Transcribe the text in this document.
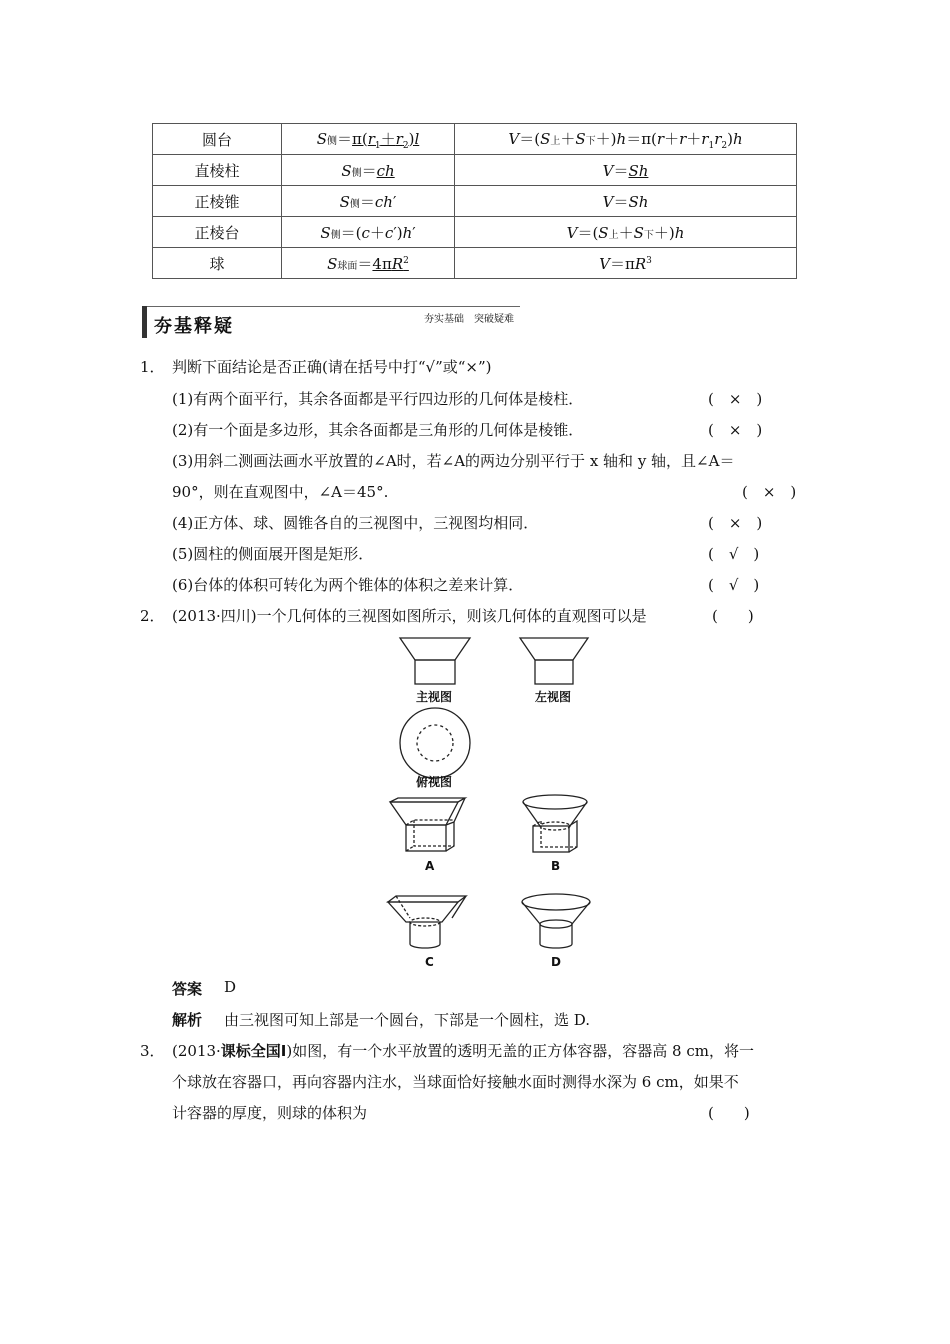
圆台	S侧$=\pi(r_1+r_2)l$	V＝(S上＋S下$+)h=\pi(r+r+r_1r_2)h$
直棱柱	S侧＝ch	V＝Sh
正棱锥	S侧＝ch′	V＝Sh
正棱台	S侧＝(c＋c′)h′	V＝(S上＋S下＋)h
球	S球面$=4\pi R^2$	$V=\pi R^3$
夯基释疑	夯实基础　突破疑难
1． 判断下面结论是否正确(请在括号中打“√”或“×”)
(1)有两个面平行，其余各面都是平行四边形的几何体是棱柱．	(　×　)
(2)有一个面是多边形，其余各面都是三角形的几何体是棱锥．	(　×　)
(3)用斜二测画法画水平放置的∠A时，若∠A的两边分别平行于 x 轴和 y 轴，且∠A＝
90°，则在直观图中，∠A＝45°.	(　×　)
(4)正方体、球、圆锥各自的三视图中，三视图均相同．	(　×　)
(5)圆柱的侧面展开图是矩形．	(　√　)
(6)台体的体积可转化为两个锥体的体积之差来计算．	(　√　)
2． (2013·四川)一个几何体的三视图如图所示，则该几何体的直观图可以是	(　　)
主视图	左视图
俯视图
A	B
C	D
答案 D
解析 由三视图可知上部是一个圆台，下部是一个圆柱，选 D.
3． (2013·课标全国Ⅰ)如图，有一个水平放置的透明无盖的正方体容器，容器高 8 cm，将一
个球放在容器口，再向容器内注水，当球面恰好接触水面时测得水深为 6 cm，如果不
计容器的厚度，则球的体积为	(　　)
